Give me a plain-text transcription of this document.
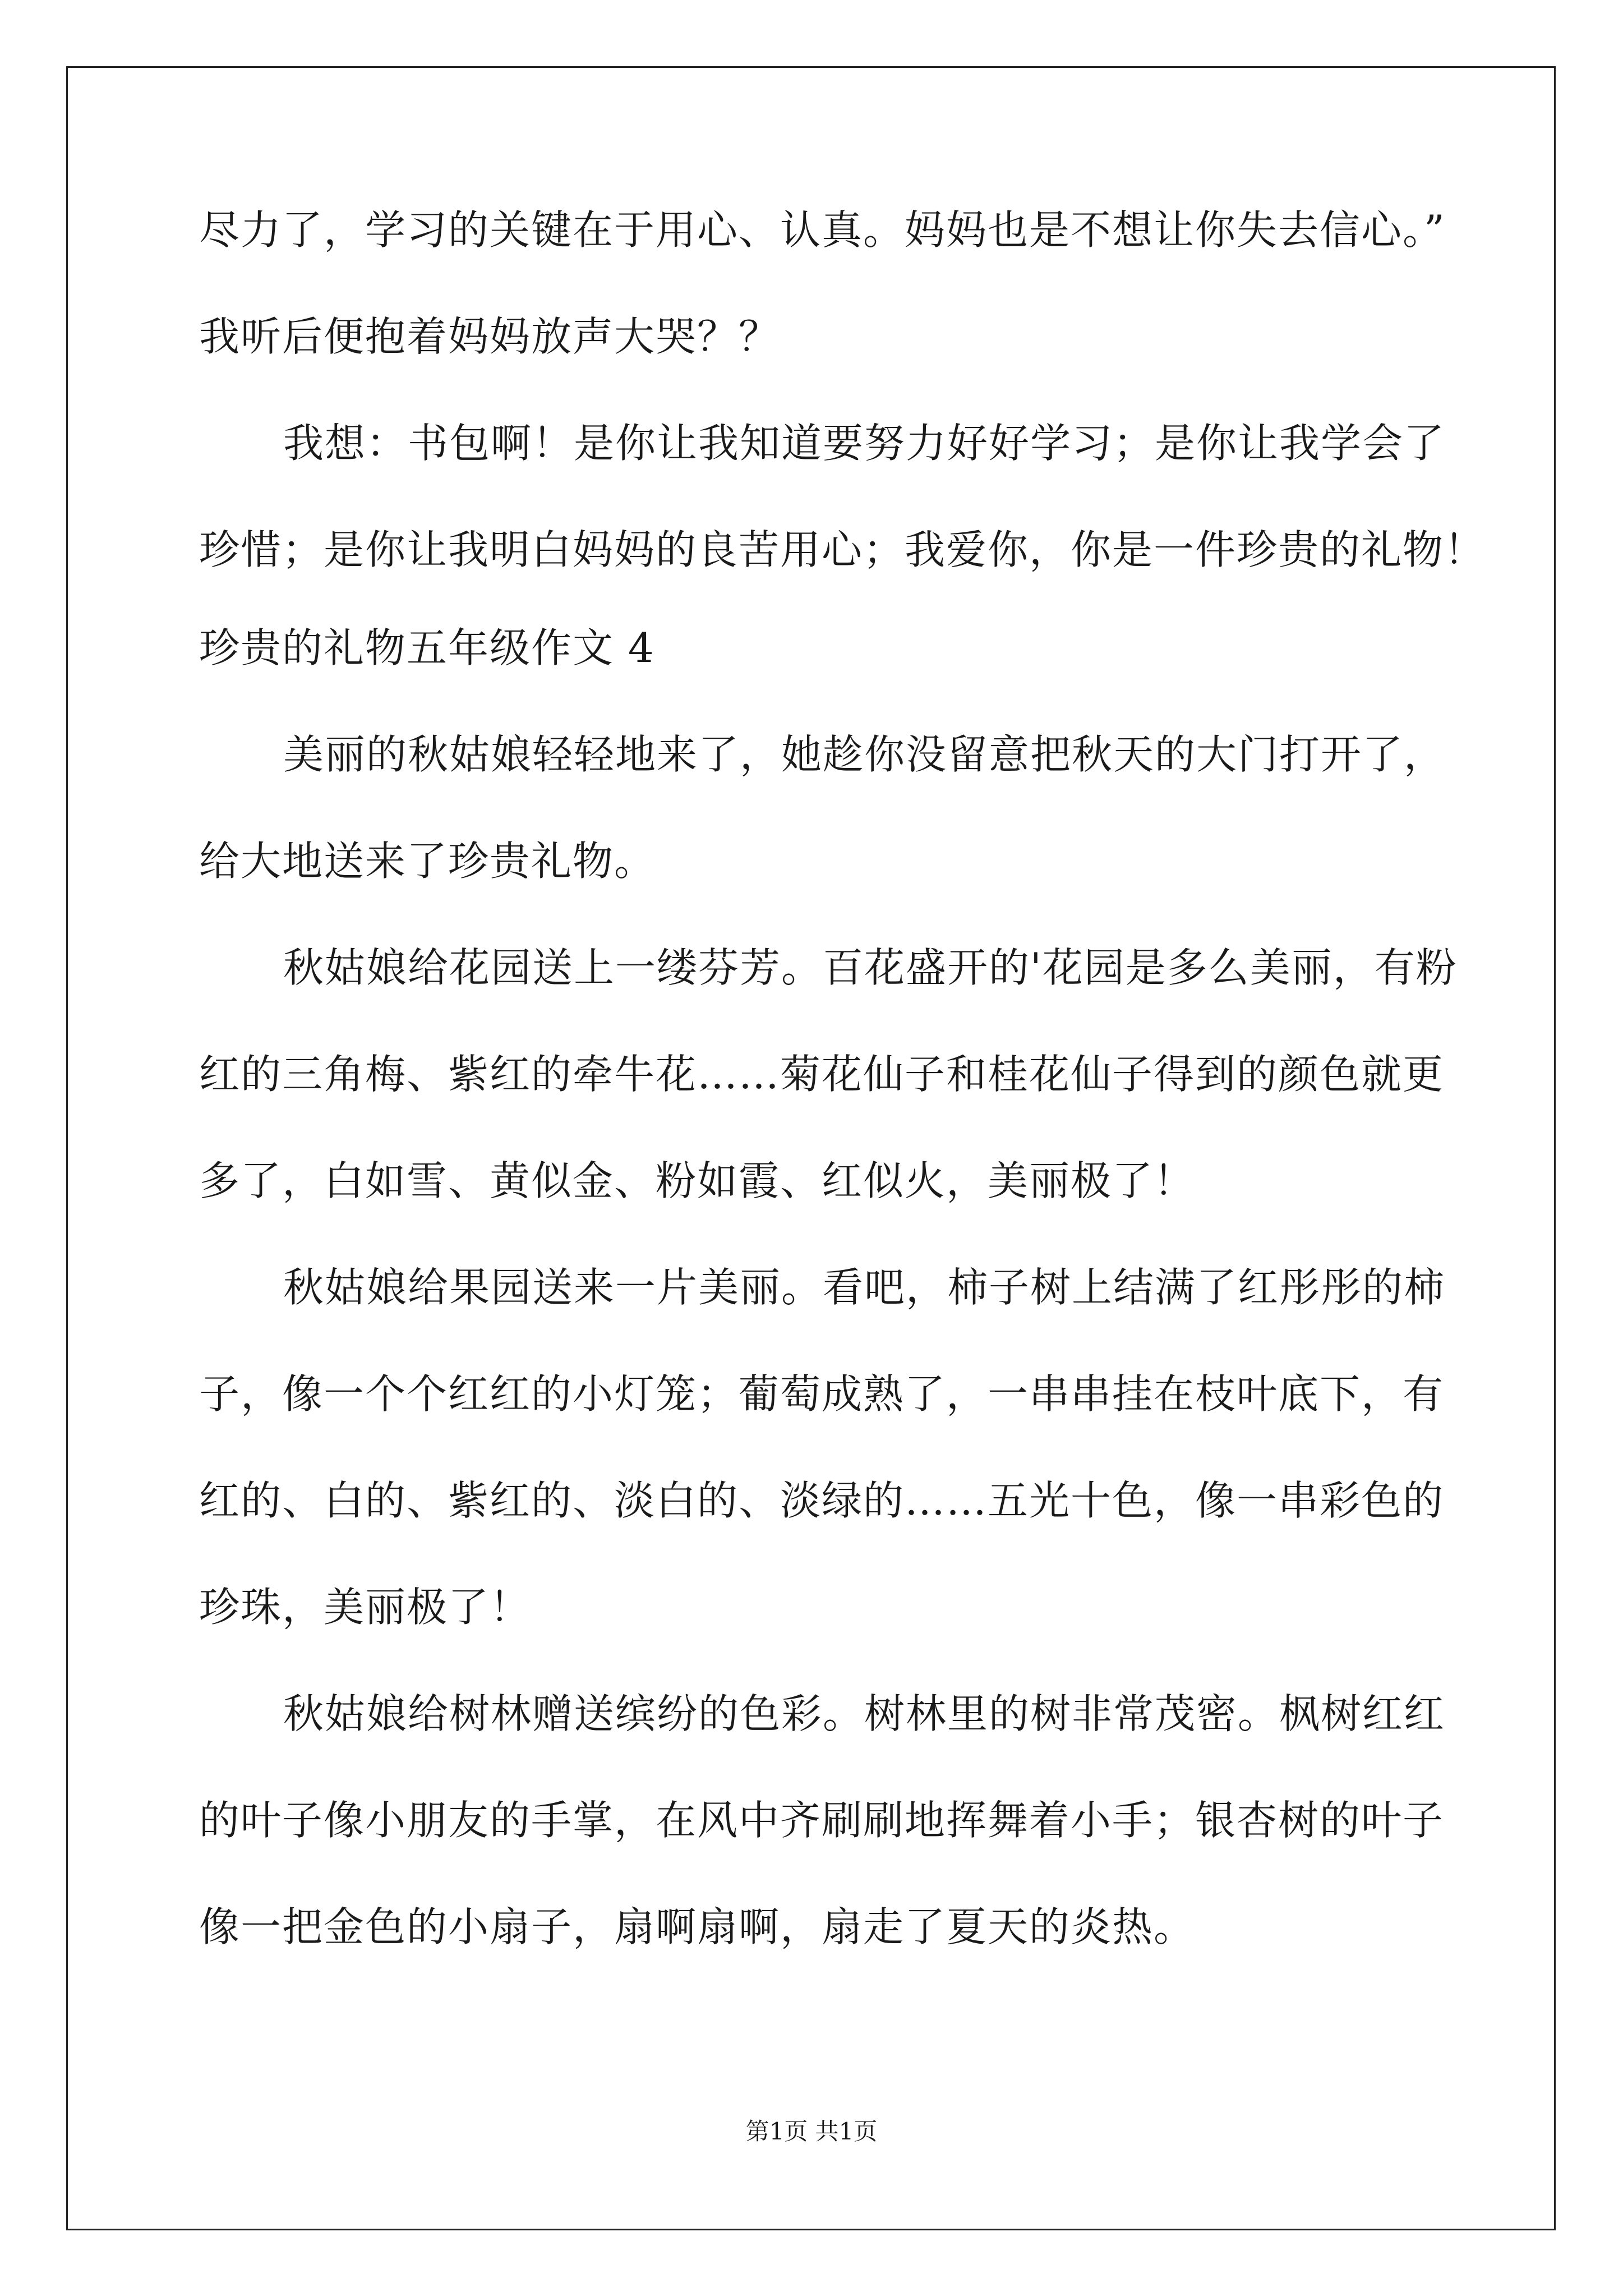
尽力了，学习的关键在于用心、认真。妈妈也是不想让你失去信心。”
我听后便抱着妈妈放声大哭？？
我想：书包啊！是你让我知道要努力好好学习；是你让我学会了
珍惜；是你让我明白妈妈的良苦用心；我爱你，你是一件珍贵的礼物！
珍贵的礼物五年级作文 4
美丽的秋姑娘轻轻地来了，她趁你没留意把秋天的大门打开了，
给大地送来了珍贵礼物。
秋姑娘给花园送上一缕芬芳。百花盛开的'花园是多么美丽，有粉
红的三角梅、紫红的牵牛花……菊花仙子和桂花仙子得到的颜色就更
多了，白如雪、黄似金、粉如霞、红似火，美丽极了！
秋姑娘给果园送来一片美丽。看吧，柿子树上结满了红彤彤的柿
子，像一个个红红的小灯笼；葡萄成熟了，一串串挂在枝叶底下，有
红的、白的、紫红的、淡白的、淡绿的……五光十色，像一串彩色的
珍珠，美丽极了！
秋姑娘给树林赠送缤纷的色彩。树林里的树非常茂密。枫树红红
的叶子像小朋友的手掌，在风中齐刷刷地挥舞着小手；银杏树的叶子
像一把金色的小扇子，扇啊扇啊，扇走了夏天的炎热。
第1页 共1页
